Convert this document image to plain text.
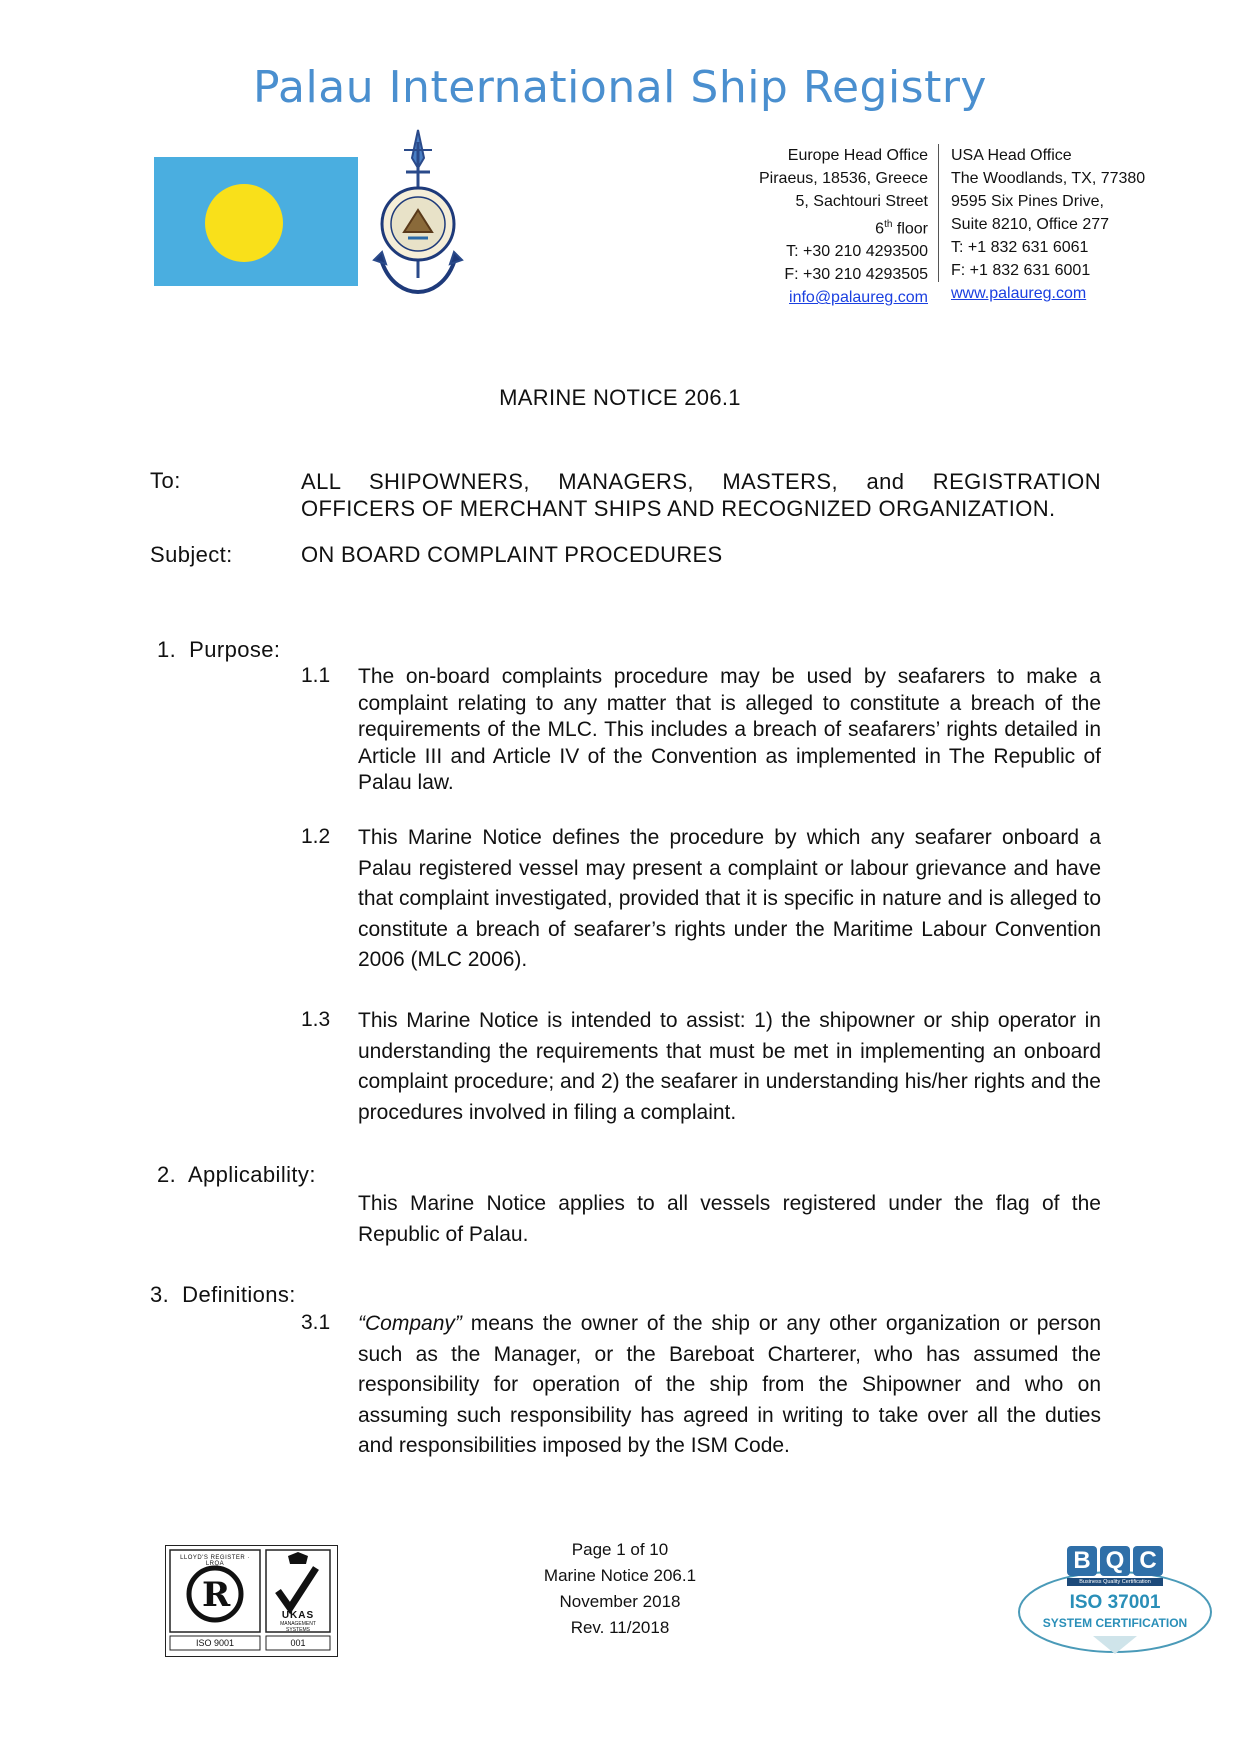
Palau International Ship Registry
Europe Head Office
Piraeus, 18536, Greece
5, Sachtouri Street
6th floor
T: +30 210 4293500
F: +30 210 4293505
info@palaureg.com
USA Head Office
The Woodlands, TX, 77380
9595 Six Pines Drive,
Suite 8210, Office 277
T: +1 832 631 6061
F: +1 832 631 6001
www.palaureg.com
MARINE NOTICE 206.1
To:	ALL SHIPOWNERS, MANAGERS, MASTERS, and REGISTRATION
OFFICERS OF MERCHANT SHIPS AND RECOGNIZED ORGANIZATION.
Subject:	ON BOARD COMPLAINT PROCEDURES
1.  Purpose:
1.1 The on-board complaints procedure may be used by seafarers to make a complaint relating to any matter that is alleged to constitute a breach of the requirements of the MLC. This includes a breach of seafarers’ rights detailed in Article III and Article IV of the Convention as implemented in The Republic of Palau law.
1.2 This Marine Notice defines the procedure by which any seafarer onboard a Palau registered vessel may present a complaint or labour grievance and have that complaint investigated, provided that it is specific in nature and is alleged to constitute a breach of seafarer’s rights under the Maritime Labour Convention 2006 (MLC 2006).
1.3 This Marine Notice is intended to assist: 1) the shipowner or ship operator in understanding the requirements that must be met in implementing an onboard complaint procedure; and 2) the seafarer in understanding his/her rights and the procedures involved in filing a complaint.
2.  Applicability:
This Marine Notice applies to all vessels registered under the flag of the Republic of Palau.
3.  Definitions:
3.1 “Company” means the owner of the ship or any other organization or person such as the Manager, or the Bareboat Charterer, who has assumed the responsibility for operation of the ship from the Shipowner and who on assuming such responsibility has agreed in writing to take over all the duties and responsibilities imposed by the ISM Code.
Page 1 of 10
Marine Notice 206.1
November 2018
Rev. 11/2018
R
LLOYD'S REGISTER · LRQA
UKAS
MANAGEMENT
SYSTEMS
ISO 9001	001
B Q C
Business Quality Certification
ISO 37001
SYSTEM CERTIFICATION
